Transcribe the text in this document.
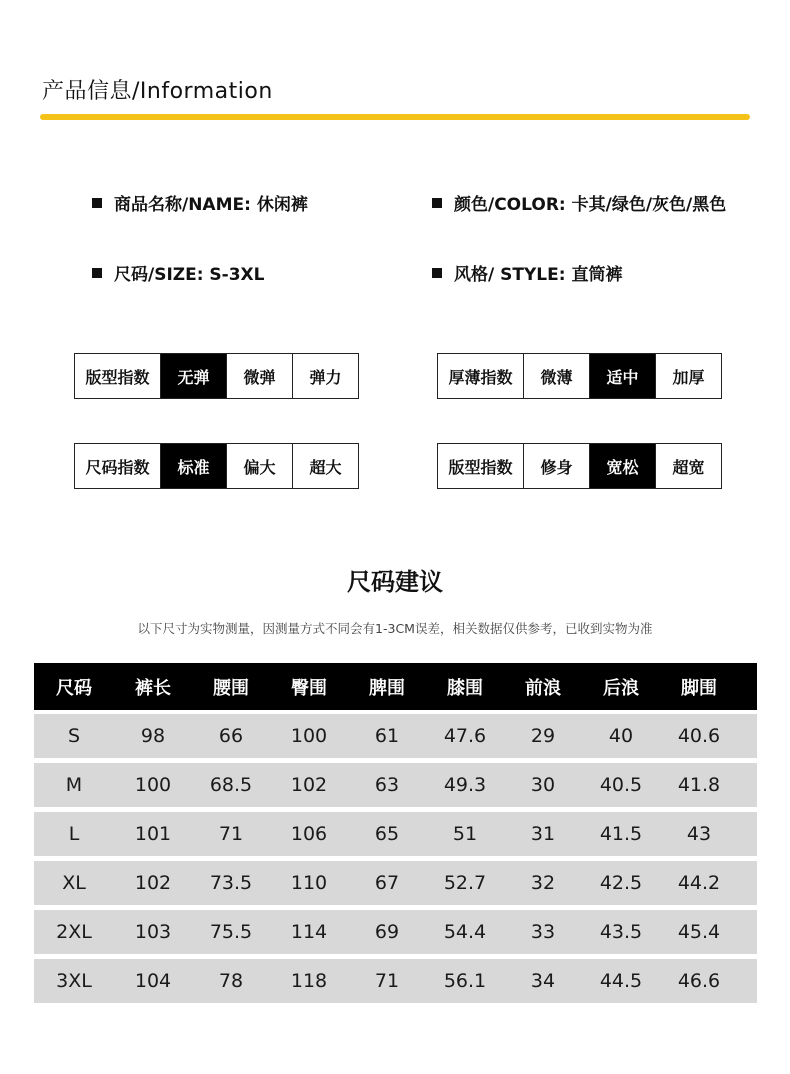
产品信息/Information
商品名称/NAME: 休闲裤	颜色/COLOR: 卡其/绿色/灰色/黑色
尺码/SIZE: S-3XL	风格/ STYLE: 直筒裤
版型指数	无弹	微弹	弹力	厚薄指数	微薄	适中	加厚
尺码指数	标准	偏大	超大	版型指数	修身	宽松	超宽
尺码建议
以下尺寸为实物测量，因测量方式不同会有1-3CM误差，相关数据仅供参考，已收到实物为准
尺码	裤长	腰围	臀围	脾围	膝围	前浪	后浪	脚围
S	98	66	100	61	47.6	29	40	40.6
M	100	68.5	102	63	49.3	30	40.5	41.8
L	101	71	106	65	51	31	41.5	43
XL	102	73.5	110	67	52.7	32	42.5	44.2
2XL	103	75.5	114	69	54.4	33	43.5	45.4
3XL	104	78	118	71	56.1	34	44.5	46.6
